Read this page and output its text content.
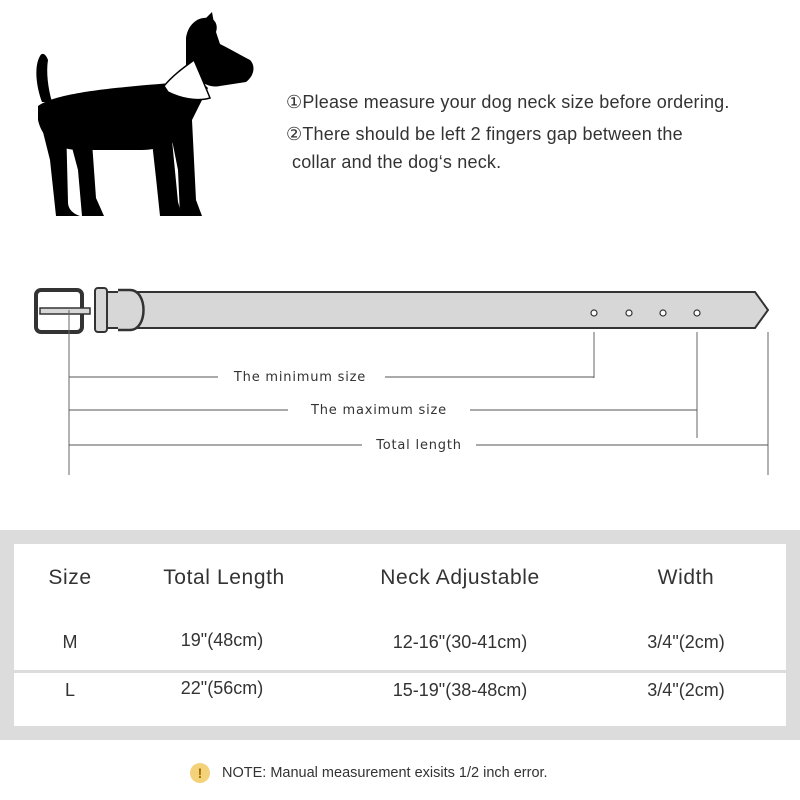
①Please measure your dog neck size before ordering.
②There should be left 2 fingers gap between the
collar and the dog‘s neck.
The minimum size
The maximum size
Total length
Size	Total Length	Neck Adjustable	Width
M	19"(48cm)	12-16"(30-41cm)	3/4"(2cm)
L	22"(56cm)	15-19"(38-48cm)	3/4"(2cm)
!	NOTE: Manual measurement exisits 1/2 inch error.
